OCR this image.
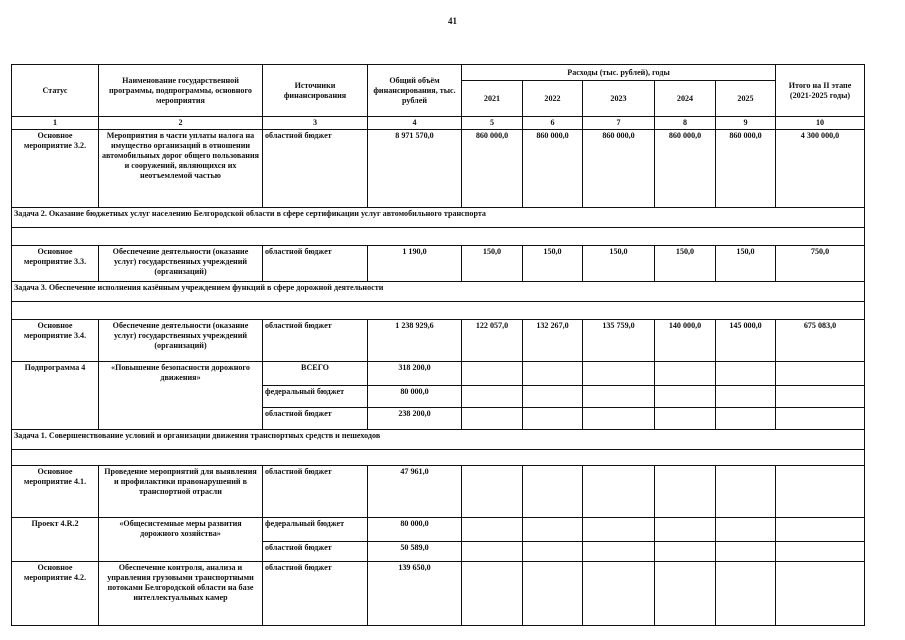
41
Статус	Наименование государственной программы, подпрограммы, основного мероприятия	Источники финансирования	Общий объём финансирования, тыс. рублей	Расходы (тыс. рублей), годы					Итого на II этапе (2021-2025 годы)
				2021	2022	2023	2024	2025	
1	2	3	4	5	6	7	8	9	10
Основное мероприятие 3.2.	Мероприятия в части уплаты налога на имущество организаций в отношении автомобильных дорог общего пользования и сооружений, являющихся их неотъемлемой частью	областной бюджет	8 971 570,0	860 000,0	860 000,0	860 000,0	860 000,0	860 000,0	4 300 000,0
Задача 2. Оказание бюджетных услуг населению Белгородской области в сфере сертификации услуг автомобильного транспорта									

Основное мероприятие 3.3.	Обеспечение деятельности (оказание услуг) государственных учреждений (организаций)	областной бюджет	1 190,0	150,0	150,0	150,0	150,0	150,0	750,0
Задача 3. Обеспечение исполнения казённым учреждением функций в сфере дорожной деятельности									

Основное мероприятие 3.4.	Обеспечение деятельности (оказание услуг) государственных учреждений (организаций)	областной бюджет	1 238 929,6	122 057,0	132 267,0	135 759,0	140 000,0	145 000,0	675 083,0
Подпрограмма 4	«Повышение безопасности дорожного движения»	ВСЕГО	318 200,0						
		федеральный бюджет	80 000,0						
		областной бюджет	238 200,0						
Задача 1. Совершенствование условий и организации движения транспортных средств и пешеходов									

Основное мероприятие 4.1.	Проведение мероприятий для выявления и профилактики правонарушений в транспортной отрасли	областной бюджет	47 961,0						
Проект 4.R.2	«Общесистемные меры развития дорожного хозяйства»	федеральный бюджет	80 000,0						
		областной бюджет	50 589,0						
Основное мероприятие 4.2.	Обеспечение контроля, анализа и управления грузовыми транспортными потоками Белгородской области на базе интеллектуальных камер	областной бюджет	139 650,0						
